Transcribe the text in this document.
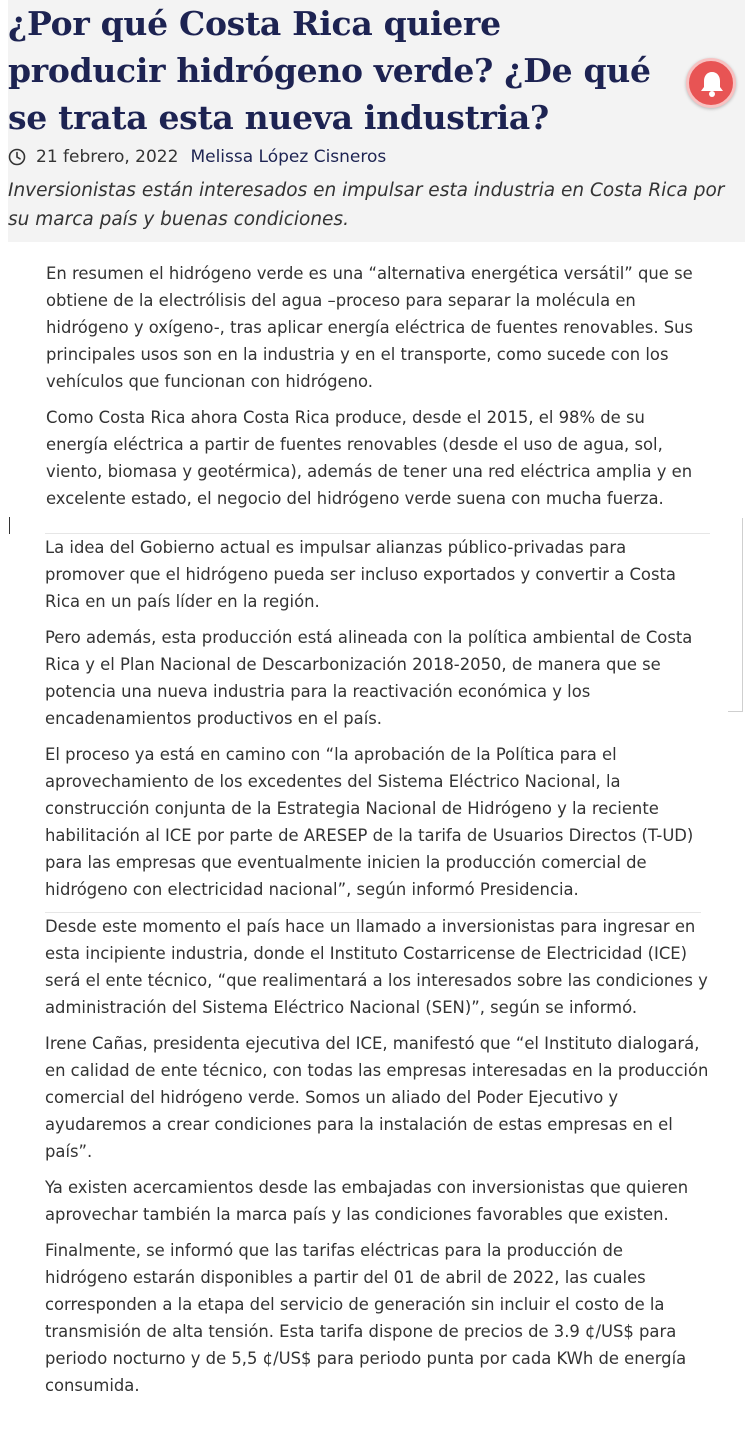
¿Por qué Costa Rica quiere producir hidrógeno verde? ¿De qué se trata esta nueva industria?
21 febrero, 2022 Melissa López Cisneros

Inversionistas están interesados en impulsar esta industria en Costa Rica por su marca país y buenas condiciones.

En resumen el hidrógeno verde es una “alternativa energética versátil” que se obtiene de la electrólisis del agua –proceso para separar la molécula en hidrógeno y oxígeno-, tras aplicar energía eléctrica de fuentes renovables. Sus principales usos son en la industria y en el transporte, como sucede con los vehículos que funcionan con hidrógeno.

Como Costa Rica ahora Costa Rica produce, desde el 2015, el 98% de su energía eléctrica a partir de fuentes renovables (desde el uso de agua, sol, viento, biomasa y geotérmica), además de tener una red eléctrica amplia y en excelente estado, el negocio del hidrógeno verde suena con mucha fuerza.

La idea del Gobierno actual es impulsar alianzas público-privadas para promover que el hidrógeno pueda ser incluso exportados y convertir a Costa Rica en un país líder en la región.

Pero además, esta producción está alineada con la política ambiental de Costa Rica y el Plan Nacional de Descarbonización 2018-2050, de manera que se potencia una nueva industria para la reactivación económica y los encadenamientos productivos en el país.

El proceso ya está en camino con “la aprobación de la Política para el aprovechamiento de los excedentes del Sistema Eléctrico Nacional, la construcción conjunta de la Estrategia Nacional de Hidrógeno y la reciente habilitación al ICE por parte de ARESEP de la tarifa de Usuarios Directos (T-UD) para las empresas que eventualmente inicien la producción comercial de hidrógeno con electricidad nacional”, según informó Presidencia.

Desde este momento el país hace un llamado a inversionistas para ingresar en esta incipiente industria, donde el Instituto Costarricense de Electricidad (ICE) será el ente técnico, “que realimentará a los interesados sobre las condiciones y administración del Sistema Eléctrico Nacional (SEN)”, según se informó.

Irene Cañas, presidenta ejecutiva del ICE, manifestó que “el Instituto dialogará, en calidad de ente técnico, con todas las empresas interesadas en la producción comercial del hidrógeno verde. Somos un aliado del Poder Ejecutivo y ayudaremos a crear condiciones para la instalación de estas empresas en el país”.

Ya existen acercamientos desde las embajadas con inversionistas que quieren aprovechar también la marca país y las condiciones favorables que existen.

Finalmente, se informó que las tarifas eléctricas para la producción de hidrógeno estarán disponibles a partir del 01 de abril de 2022, las cuales corresponden a la etapa del servicio de generación sin incluir el costo de la transmisión de alta tensión. Esta tarifa dispone de precios de 3.9 ¢/US$ para periodo nocturno y de 5,5 ¢/US$ para periodo punta por cada KWh de energía consumida.
